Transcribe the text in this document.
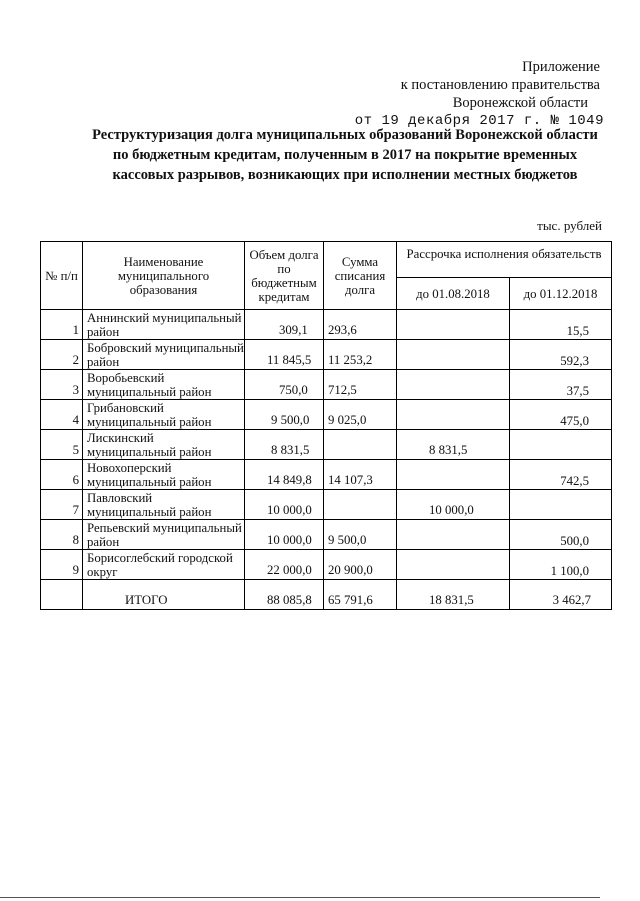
Приложение
к постановлению правительства
Воронежской области
от 19 декабря 2017 г. № 1049
Реструктуризация долга муниципальных образований Воронежской области по бюджетным кредитам, полученным в 2017 на покрытие временных кассовых разрывов, возникающих при исполнении местных бюджетов
тыс. рублей
№ п/п	Наименование муниципального образования	Объем долга по бюджетным кредитам	Сумма списания долга	Рассрочка исполнения обязательств	
				до 01.08.2018	до 01.12.2018
1	Аннинский муниципальный район	309,1	293,6		15,5
2	Бобровский муниципальный район	11 845,5	11 253,2		592,3
3	Воробьевский муниципальный район	750,0	712,5		37,5
4	Грибановский муниципальный район	9 500,0	9 025,0		475,0
5	Лискинский муниципальный район	8 831,5		8 831,5	
6	Новохоперский муниципальный район	14 849,8	14 107,3		742,5
7	Павловский муниципальный район	10 000,0		10 000,0	
8	Репьевский муниципальный район	10 000,0	9 500,0		500,0
9	Борисоглебский городской округ	22 000,0	20 900,0		1 100,0
	ИТОГО	88 085,8	65 791,6	18 831,5	3 462,7
